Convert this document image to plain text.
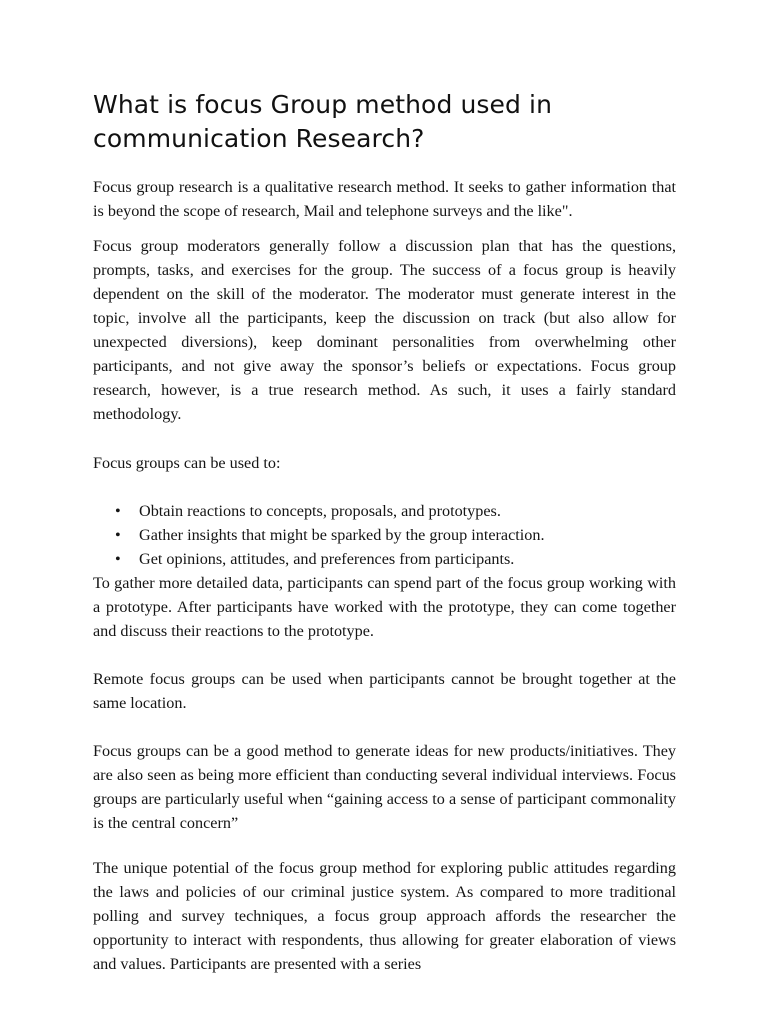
What is focus Group method used in communication Research?

Focus group research is a qualitative research method. It seeks to gather information that is beyond the scope of research, Mail and telephone surveys and the like".

Focus group moderators generally follow a discussion plan that has the questions, prompts, tasks, and exercises for the group. The success of a focus group is heavily dependent on the skill of the moderator. The moderator must generate interest in the topic, involve all the participants, keep the discussion on track (but also allow for unexpected diversions), keep dominant personalities from overwhelming other participants, and not give away the sponsor’s beliefs or expectations. Focus group research, however, is a true research method. As such, it uses a fairly standard methodology.

Focus groups can be used to:

• Obtain reactions to concepts, proposals, and prototypes.
• Gather insights that might be sparked by the group interaction.
• Get opinions, attitudes, and preferences from participants.

To gather more detailed data, participants can spend part of the focus group working with a prototype. After participants have worked with the prototype, they can come together and discuss their reactions to the prototype.

Remote focus groups can be used when participants cannot be brought together at the same location.

Focus groups can be a good method to generate ideas for new products/initiatives. They are also seen as being more efficient than conducting several individual interviews. Focus groups are particularly useful when “gaining access to a sense of participant commonality is the central concern”

The unique potential of the focus group method for exploring public attitudes regarding the laws and policies of our criminal justice system. As compared to more traditional polling and survey techniques, a focus group approach affords the researcher the opportunity to interact with respondents, thus allowing for greater elaboration of views and values. Participants are presented with a series
